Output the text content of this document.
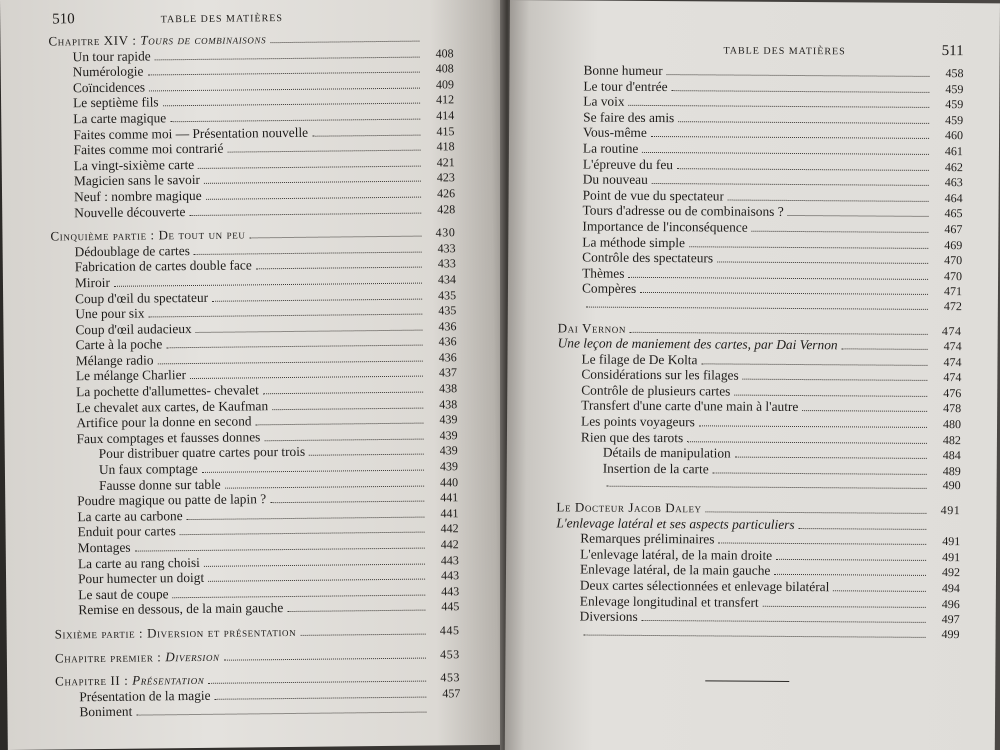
510	TABLE DES MATIÈRES
Chapitre XIV : Tours de combinaisons
Un tour rapide	408
Numérologie	408
Coïncidences	409
Le septième fils	412
La carte magique	414
Faites comme moi — Présentation nouvelle	415
Faites comme moi contrarié	418
La vingt-sixième carte	421
Magicien sans le savoir	423
Neuf : nombre magique	426
Nouvelle découverte	428
Cinquième partie : De tout un peu	430
Dédoublage de cartes	433
Fabrication de cartes double face	433
Miroir	434
Coup d'œil du spectateur	435
Une pour six	435
Coup d'œil audacieux	436
Carte à la poche	436
Mélange radio	436
Le mélange Charlier	437
La pochette d'allumettes- chevalet	438
Le chevalet aux cartes, de Kaufman	438
Artifice pour la donne en second	439
Faux comptages et fausses donnes	439
Pour distribuer quatre cartes pour trois	439
Un faux comptage	439
Fausse donne sur table	440
Poudre magique ou patte de lapin ?	441
La carte au carbone	441
Enduit pour cartes	442
Montages	442
La carte au rang choisi	443
Pour humecter un doigt	443
Le saut de coupe	443
Remise en dessous, de la main gauche	445
Sixième partie : Diversion et présentation	445
Chapitre premier : Diversion	453
Chapitre II : Présentation	453
Présentation de la magie	457
Boniment
TABLE DES MATIÈRES	511
Bonne humeur	458
Le tour d'entrée	459
La voix	459
Se faire des amis	459
Vous-même	460
La routine	461
L'épreuve du feu	462
Du nouveau	463
Point de vue du spectateur	464
Tours d'adresse ou de combinaisons ?	465
Importance de l'inconséquence	467
La méthode simple	469
Contrôle des spectateurs	470
Thèmes	470
Compères	471
472
Dai Vernon	474
Une leçon de maniement des cartes, par Dai Vernon	474
Le filage de De Kolta	474
Considérations sur les filages	474
Contrôle de plusieurs cartes	476
Transfert d'une carte d'une main à l'autre	478
Les points voyageurs	480
Rien que des tarots	482
Détails de manipulation	484
Insertion de la carte	489
490
Le Docteur Jacob Daley	491
L'enlevage latéral et ses aspects particuliers
Remarques préliminaires	491
L'enlevage latéral, de la main droite	491
Enlevage latéral, de la main gauche	492
Deux cartes sélectionnées et enlevage bilatéral	494
Enlevage longitudinal et transfert	496
Diversions	497
499
